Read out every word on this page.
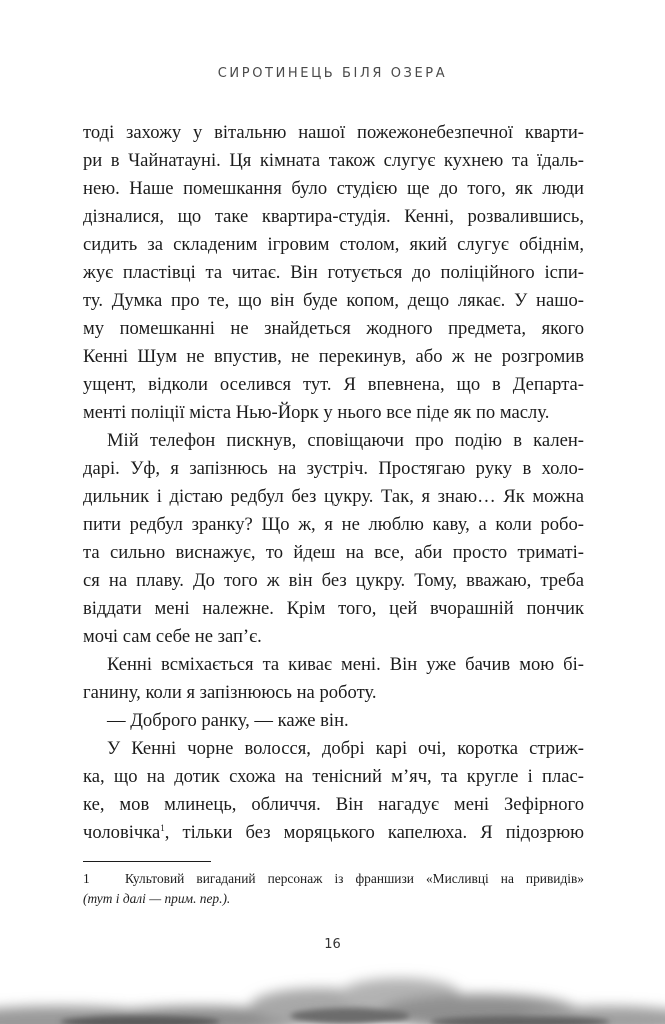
СИРОТИНЕЦЬ БІЛЯ ОЗЕРА

тоді захожу у вітальню нашої пожежонебезпечної кварти-

ри в Чайнатауні. Ця кімната також слугує кухнею та їдаль-

нею. Наше помешкання було студією ще до того, як люди

дізналися, що таке квартира-студія. Кенні, розвалившись,

сидить за складеним ігровим столом, який слугує обіднім,

жує пластівці та читає. Він готується до поліційного іспи-

ту. Думка про те, що він буде копом, дещо лякає. У нашо-

му помешканні не знайдеться жодного предмета, якого

Кенні Шум не впустив, не перекинув, або ж не розгромив

ущент, відколи оселився тут. Я впевнена, що в Департа-

менті поліції міста Нью-Йорк у нього все піде як по маслу.

Мій телефон пискнув, сповіщаючи про подію в кален-

дарі. Уф, я запізнюсь на зустріч. Простягаю руку в холо-

дильник і дістаю редбул без цукру. Так, я знаю… Як можна

пити редбул зранку? Що ж, я не люблю каву, а коли робо-

та сильно виснажує, то йдеш на все, аби просто триматі-

ся на плаву. До того ж він без цукру. Тому, вважаю, треба

віддати мені належне. Крім того, цей вчорашній пончик

мочі сам себе не зап’є.

Кенні всміхається та киває мені. Він уже бачив мою бі-

ганину, коли я запізнююсь на роботу.

— Доброго ранку, — каже він.

У Кенні чорне волосся, добрі карі очі, коротка стриж-

ка, що на дотик схожа на тенісний м’яч, та кругле і плас-

ке, мов млинець, обличчя. Він нагадує мені Зефірного

чоловічка$^1$, тільки без моряцького капелюха. Я підозрюю

1	Культовий вигаданий персонаж із франшизи «Мисливці на привидів»
(тут і далі — прим. пер.).
16
